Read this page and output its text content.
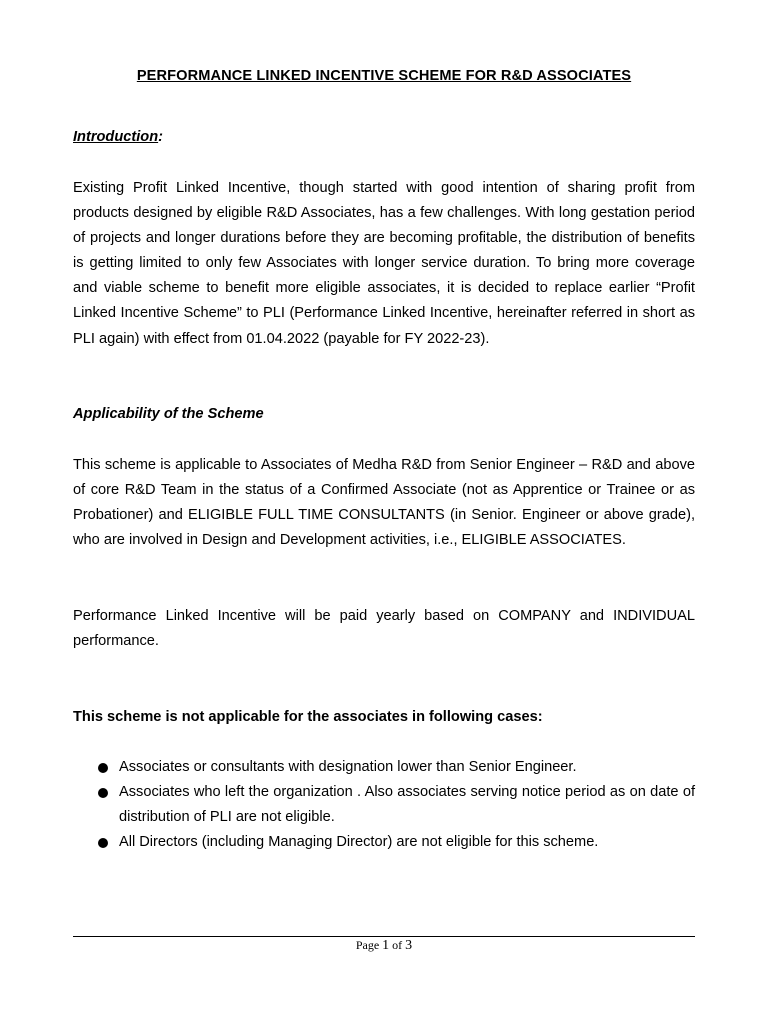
PERFORMANCE LINKED INCENTIVE SCHEME FOR R&D ASSOCIATES
Introduction:

Existing Profit Linked Incentive, though started with good intention of sharing profit from products designed by eligible R&D Associates, has a few challenges. With long gestation period of projects and longer durations before they are becoming profitable, the distribution of benefits is getting limited to only few Associates with longer service duration. To bring more coverage and viable scheme to benefit more eligible associates, it is decided to replace earlier “Profit Linked Incentive Scheme” to PLI (Performance Linked Incentive, hereinafter referred in short as PLI again) with effect from 01.04.2022 (payable for FY 2022-23).

Applicability of the Scheme

This scheme is applicable to Associates of Medha R&D from Senior Engineer – R&D and above of core R&D Team in the status of a Confirmed Associate (not as Apprentice or Trainee or as Probationer) and ELIGIBLE FULL TIME CONSULTANTS (in Senior. Engineer or above grade), who are involved in Design and Development activities, i.e., ELIGIBLE ASSOCIATES.

Performance Linked Incentive will be paid yearly based on COMPANY and INDIVIDUAL performance.

This scheme is not applicable for the associates in following cases:
Associates or consultants with designation lower than Senior Engineer.
Associates who left the organization . Also associates serving notice period as on date of distribution of PLI are not eligible.
All Directors (including Managing Director) are not eligible for this scheme.
Page 1 of 3
